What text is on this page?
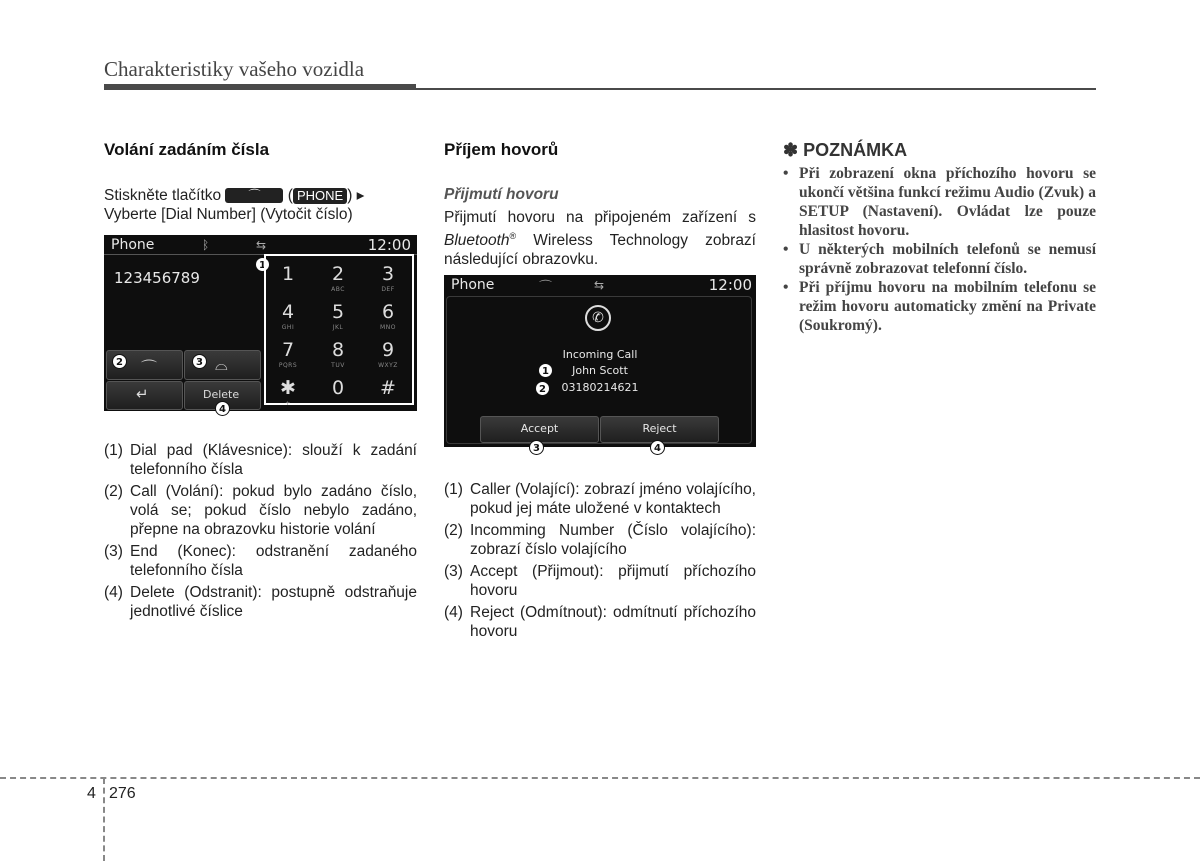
Charakteristiky vašeho vozidla
Volání zadáním čísla
Stiskněte tlačítko ⌒ ( PHONE ) ▸
Vyberte [Dial Number] (Vytočit číslo)
Phone	ᛒ	⇆	12:00
123456789
1 1	2
ABC
3
DEF
4
GHI
5
JKL
6
MNO
7
PQRS
8
TUV
9
WXYZ
✱
+
0	#
⌒
2	⌓
3
↵	Delete
4
(1) Dial pad (Klávesnice): slouží k zadání telefonního čísla
(2) Call (Volání): pokud bylo zadáno číslo, volá se; pokud číslo nebylo zadáno, přepne na obrazovku historie volání
(3) End (Konec): odstranění zadaného telefonního čísla
(4) Delete (Odstranit): postupně odstraňuje jednotlivé číslice
Příjem hovorů
Přijmutí hovoru
Přijmutí hovoru na připojeném zařízení s Bluetooth® Wireless Technology zobrazí následující obrazovku.
Phone	⌒	⇆	12:00
✆
Incoming Call
1	John Scott
2	03180214621
Accept	Reject
3	4
(1) Caller (Volající): zobrazí jméno volajícího, pokud jej máte uložené v kontaktech
(2) Incomming Number (Číslo volajícího): zobrazí číslo volajícího
(3) Accept (Přijmout): přijmutí příchozího hovoru
(4) Reject (Odmítnout): odmítnutí příchozího hovoru
✽ POZNÁMKA
• Při zobrazení okna příchozího hovoru se ukončí většina funkcí režimu Audio (Zvuk) a SETUP (Nastavení). Ovládat lze pouze hlasitost hovoru.
• U některých mobilních telefonů se nemusí správně zobrazovat telefonní číslo.
• Při příjmu hovoru na mobilním telefonu se režim hovoru automaticky změní na Private (Soukromý).
4 276
